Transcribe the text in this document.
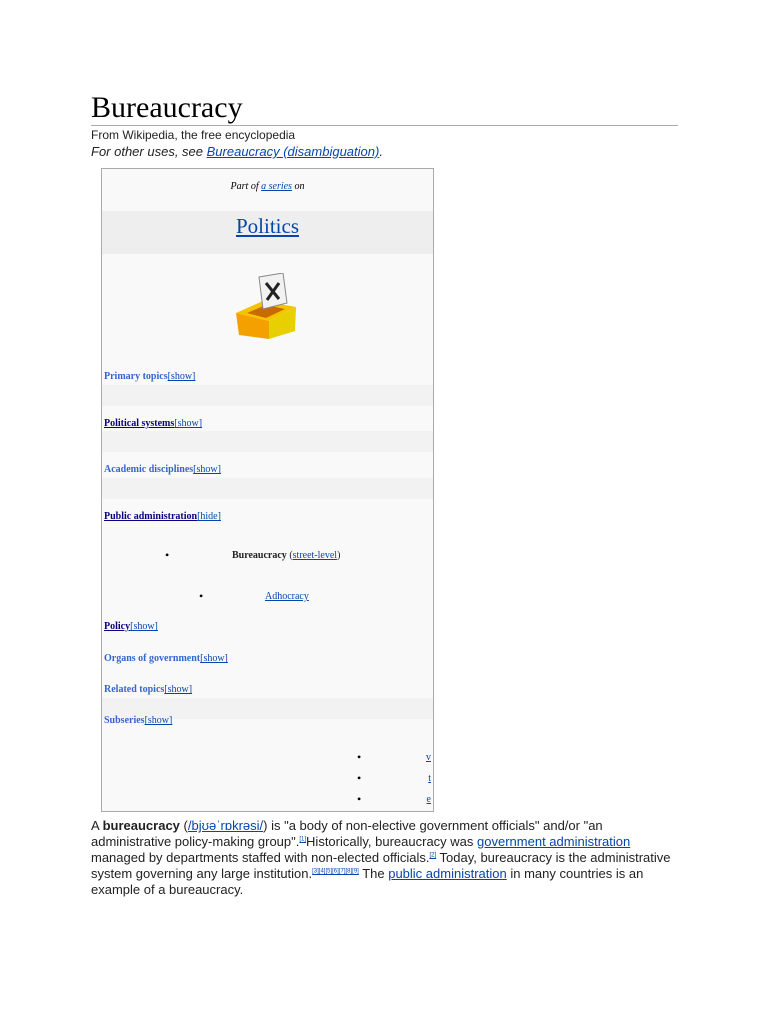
Bureaucracy
From Wikipedia, the free encyclopedia
For other uses, see Bureaucracy (disambiguation).
Part of a series on
Politics
Primary topics[show]
Political systems[show]
Academic disciplines[show]
Public administration[hide]
•	Bureaucracy (street-level)
•	Adhocracy
Policy[show]
Organs of government[show]
Related topics[show]
Subseries[show]
•	v
•	t
•	e

A bureaucracy (/bjʊəˈrɒkrəsi/) is "a body of non-elective government officials" and/or "an administrative policy-making group".[1]Historically, bureaucracy was government administration managed by departments staffed with non-elected officials.[2] Today, bureaucracy is the administrative system governing any large institution.[3][4][5][6][7][8][9] The public administration in many countries is an example of a bureaucracy.
